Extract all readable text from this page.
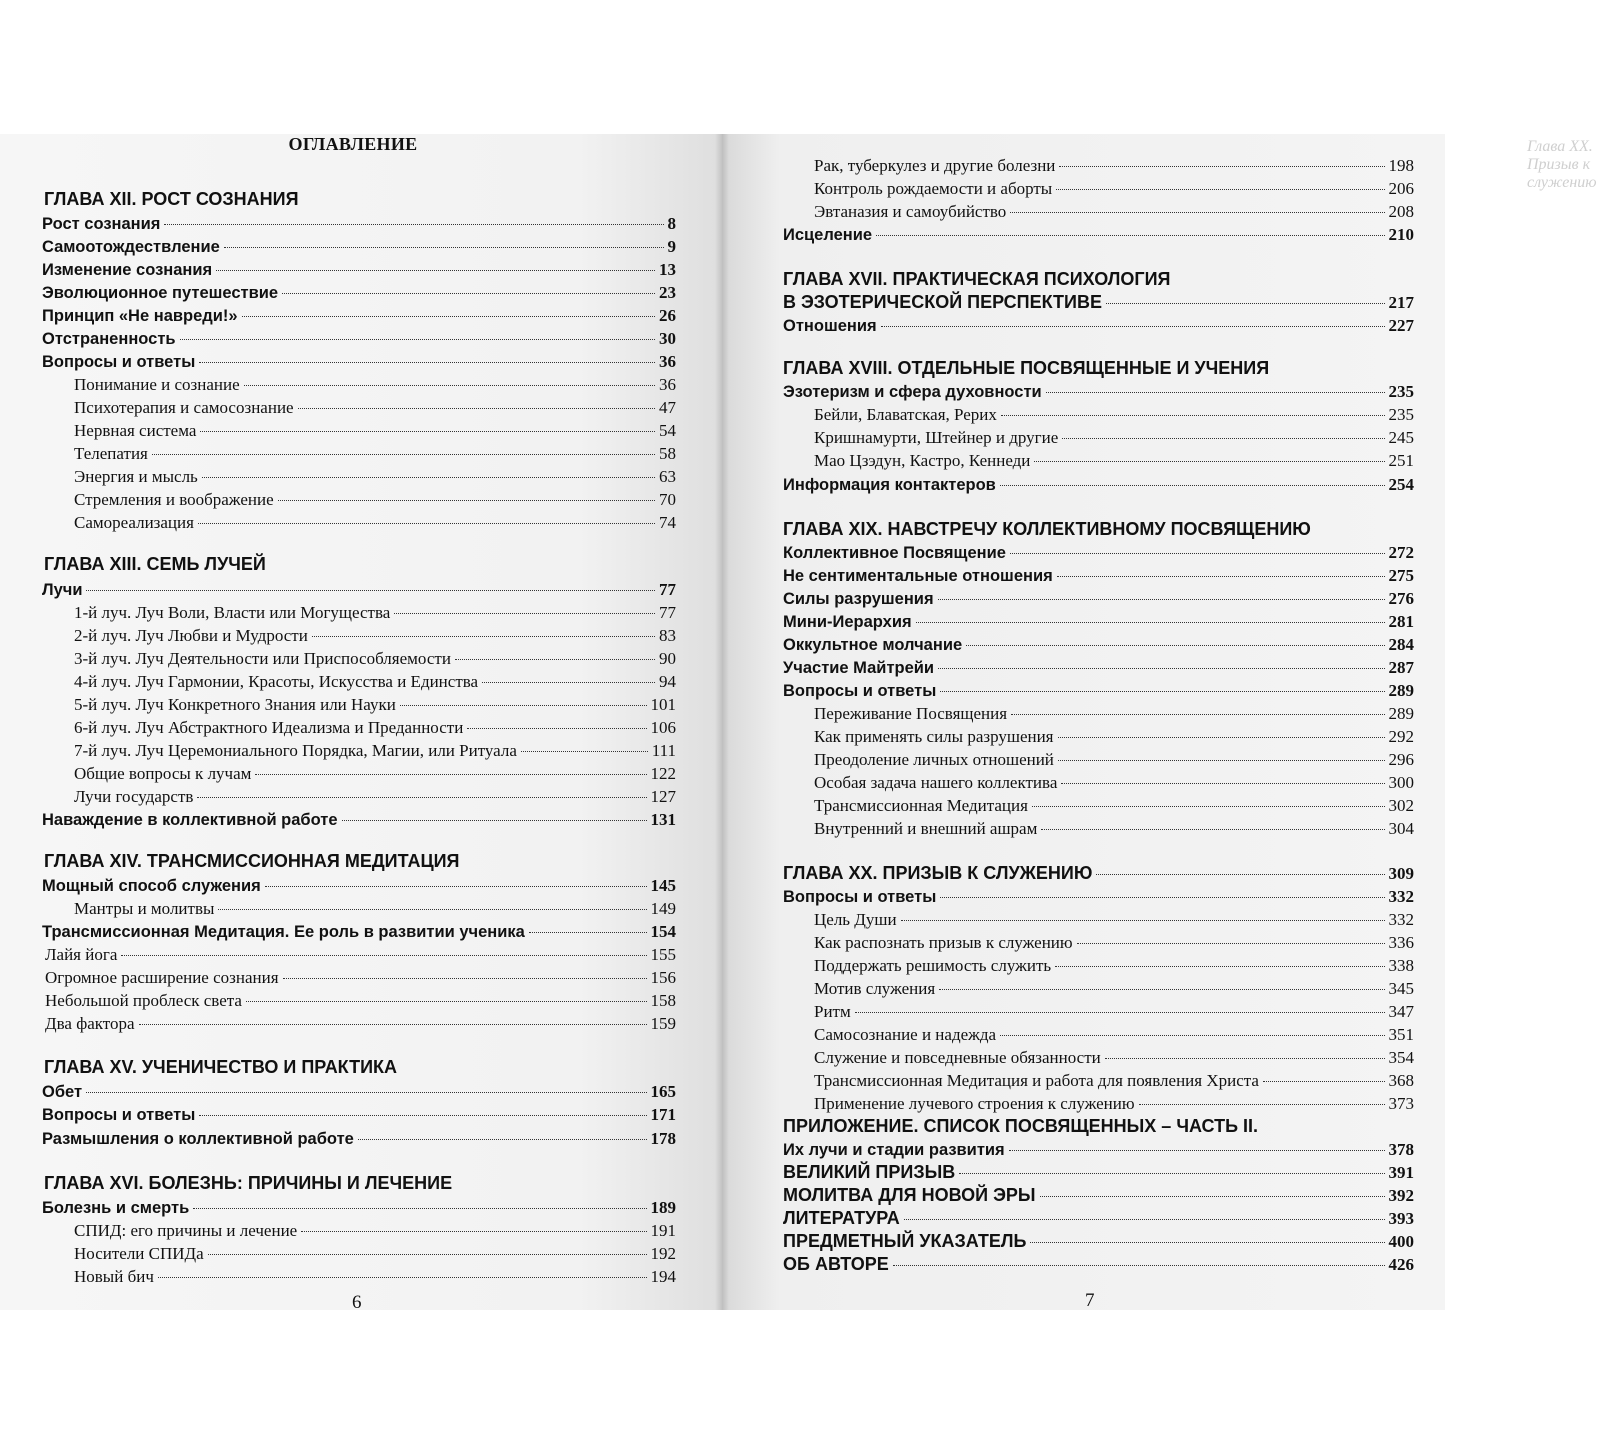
ОГЛАВЛЕНИЕ
ГЛАВА XII. РОСТ СОЗНАНИЯ
Рост сознания	8
Самоотождествление	9
Изменение сознания	13
Эволюционное путешествие	23
Принцип «Не навреди!»	26
Отстраненность	30
Вопросы и ответы	36
Понимание и сознание	36
Психотерапия и самосознание	47
Нервная система	54
Телепатия	58
Энергия и мысль	63
Стремления и воображение	70
Самореализация	74
ГЛАВА XIII. СЕМЬ ЛУЧЕЙ
Лучи	77
1-й луч. Луч Воли, Власти или Могущества	77
2-й луч. Луч Любви и Мудрости	83
3-й луч. Луч Деятельности или Приспособляемости	90
4-й луч. Луч Гармонии, Красоты, Искусства и Единства	94
5-й луч. Луч Конкретного Знания или Науки	101
6-й луч. Луч Абстрактного Идеализма и Преданности	106
7-й луч. Луч Церемониального Порядка, Магии, или Ритуала	111
Общие вопросы к лучам	122
Лучи государств	127
Наваждение в коллективной работе	131
ГЛАВА XIV. ТРАНСМИССИОННАЯ МЕДИТАЦИЯ
Мощный способ служения	145
Мантры и молитвы	149
Трансмиссионная Медитация. Ее роль в развитии ученика	154
Лайя йога	155
Огромное расширение сознания	156
Небольшой проблеск света	158
Два фактора	159
ГЛАВА XV. УЧЕНИЧЕСТВО И ПРАКТИКА
Обет	165
Вопросы и ответы	171
Размышления о коллективной работе	178
ГЛАВА XVI. БОЛЕЗНЬ: ПРИЧИНЫ И ЛЕЧЕНИЕ
Болезнь и смерть	189
СПИД: его причины и лечение	191
Носители СПИДа	192
Новый бич	194
6
Глава XX. Призыв к служению
Рак, туберкулез и другие болезни	198
Контроль рождаемости и аборты	206
Эвтаназия и самоубийство	208
Исцеление	210
ГЛАВА XVII. ПРАКТИЧЕСКАЯ ПСИХОЛОГИЯ
В ЭЗОТЕРИЧЕСКОЙ ПЕРСПЕКТИВЕ	217
Отношения	227
ГЛАВА XVIII. ОТДЕЛЬНЫЕ ПОСВЯЩЕННЫЕ И УЧЕНИЯ
Эзотеризм и сфера духовности	235
Бейли, Блаватская, Рерих	235
Кришнамурти, Штейнер и другие	245
Мао Цзэдун, Кастро, Кеннеди	251
Информация контактеров	254
ГЛАВА XIX. НАВСТРЕЧУ КОЛЛЕКТИВНОМУ ПОСВЯЩЕНИЮ
Коллективное Посвящение	272
Не сентиментальные отношения	275
Силы разрушения	276
Мини-Иерархия	281
Оккультное молчание	284
Участие Майтрейи	287
Вопросы и ответы	289
Переживание Посвящения	289
Как применять силы разрушения	292
Преодоление личных отношений	296
Особая задача нашего коллектива	300
Трансмиссионная Медитация	302
Внутренний и внешний ашрам	304
ГЛАВА XX. ПРИЗЫВ К СЛУЖЕНИЮ	309
Вопросы и ответы	332
Цель Души	332
Как распознать призыв к служению	336
Поддержать решимость служить	338
Мотив служения	345
Ритм	347
Самосознание и надежда	351
Служение и повседневные обязанности	354
Трансмиссионная Медитация и работа для появления Христа	368
Применение лучевого строения к служению	373
ПРИЛОЖЕНИЕ. СПИСОК ПОСВЯЩЕННЫХ – ЧАСТЬ II.
Их лучи и стадии развития	378
ВЕЛИКИЙ ПРИЗЫВ	391
МОЛИТВА ДЛЯ НОВОЙ ЭРЫ	392
ЛИТЕРАТУРА	393
ПРЕДМЕТНЫЙ УКАЗАТЕЛЬ	400
ОБ АВТОРЕ	426
7
